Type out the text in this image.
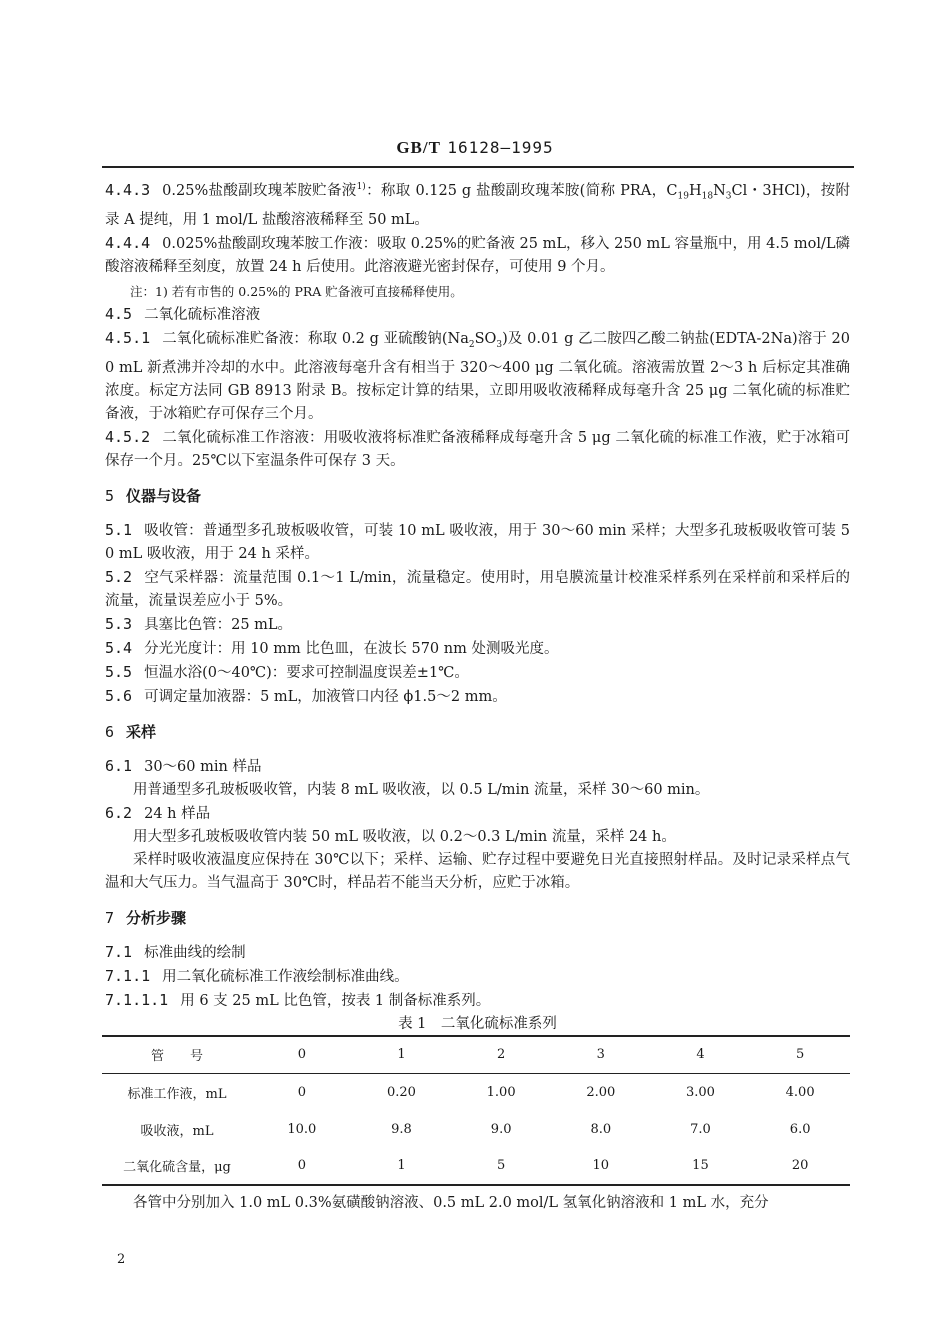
GB/T 16128—1995

4.4.3 0.25%盐酸副玫瑰苯胺贮备液$^{1)}$：称取 0.125 g 盐酸副玫瑰苯胺(简称 PRA，$C_{19}H_{18}N_3Cl$・3HCl)，按附录 A 提纯，用 1 mol/L 盐酸溶液稀释至 50 mL。

4.4.4 0.025%盐酸副玫瑰苯胺工作液：吸取 0.25%的贮备液 25 mL，移入 250 mL 容量瓶中，用 4.5 mol/L磷酸溶液稀释至刻度，放置 24 h 后使用。此溶液避光密封保存，可使用 9 个月。

注：1) 若有市售的 0.25%的 PRA 贮备液可直接稀释使用。

4.5 二氧化硫标准溶液

4.5.1 二氧化硫标准贮备液：称取 0.2 g 亚硫酸钠$(Na_2SO_3)$及 0.01 g 乙二胺四乙酸二钠盐(EDTA-2Na)溶于 200 mL 新煮沸并冷却的水中。此溶液每毫升含有相当于 320～400 μg 二氧化硫。溶液需放置 2～3 h 后标定其准确浓度。标定方法同 GB 8913 附录 B。按标定计算的结果，立即用吸收液稀释成每毫升含 25 μg 二氧化硫的标准贮备液，于冰箱贮存可保存三个月。

4.5.2 二氧化硫标准工作溶液：用吸收液将标准贮备液稀释成每毫升含 5 μg 二氧化硫的标准工作液，贮于冰箱可保存一个月。25℃以下室温条件可保存 3 天。

5 仪器与设备

5.1 吸收管：普通型多孔玻板吸收管，可装 10 mL 吸收液，用于 30～60 min 采样；大型多孔玻板吸收管可装 50 mL 吸收液，用于 24 h 采样。

5.2 空气采样器：流量范围 0.1～1 L/min，流量稳定。使用时，用皂膜流量计校准采样系列在采样前和采样后的流量，流量误差应小于 5%。

5.3 具塞比色管：25 mL。

5.4 分光光度计：用 10 mm 比色皿，在波长 570 nm 处测吸光度。

5.5 恒温水浴(0～40℃)：要求可控制温度误差±1℃。

5.6 可调定量加液器：5 mL，加液管口内径 ϕ1.5～2 mm。

6 采样

6.1 30～60 min 样品

用普通型多孔玻板吸收管，内装 8 mL 吸收液，以 0.5 L/min 流量，采样 30～60 min。

6.2 24 h 样品

用大型多孔玻板吸收管内装 50 mL 吸收液，以 0.2～0.3 L/min 流量，采样 24 h。

采样时吸收液温度应保持在 30℃以下；采样、运输、贮存过程中要避免日光直接照射样品。及时记录采样点气温和大气压力。当气温高于 30℃时，样品若不能当天分析，应贮于冰箱。

7 分析步骤

7.1 标准曲线的绘制

7.1.1 用二氧化硫标准工作液绘制标准曲线。

7.1.1.1 用 6 支 25 mL 比色管，按表 1 制备标准系列。

表 1　二氧化硫标准系列

管　　号	0	1	2	3	4	5
标准工作液，mL	0	0.20	1.00	2.00	3.00	4.00
吸收液，mL	10.0	9.8	9.0	8.0	7.0	6.0
二氧化硫含量，μg	0	1	5	10	15	20

各管中分别加入 1.0 mL 0.3%氨磺酸钠溶液、0.5 mL 2.0 mol/L 氢氧化钠溶液和 1 mL 水，充分

2
